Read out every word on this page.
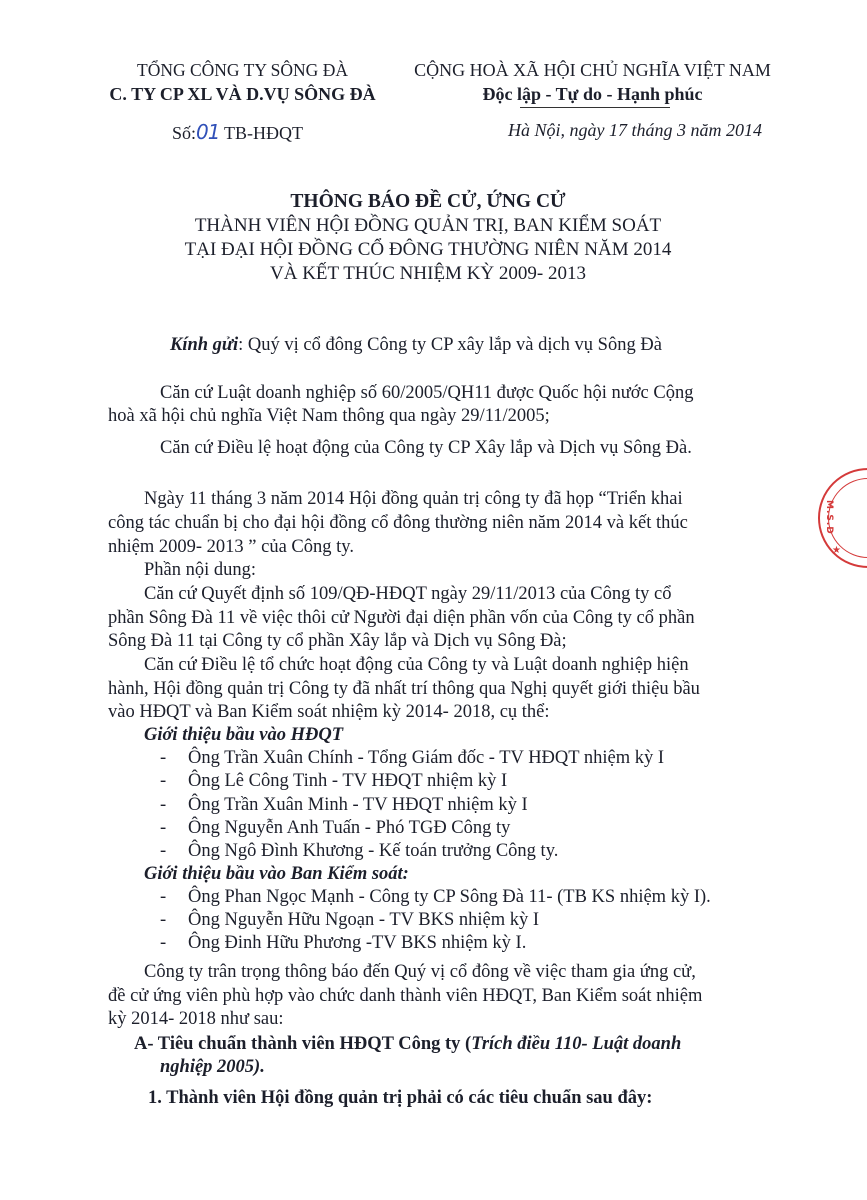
TỔNG CÔNG TY SÔNG ĐÀ
C. TY CP XL VÀ D.VỤ SÔNG ĐÀ
CỘNG HOÀ XÃ HỘI CHỦ NGHĨA VIỆT NAM
Độc lập - Tự do - Hạnh phúc
Số:01 TB-HĐQT	Hà Nội, ngày 17 tháng 3 năm 2014
THÔNG BÁO ĐỀ CỬ, ỨNG CỬ
THÀNH VIÊN HỘI ĐỒNG QUẢN TRỊ, BAN KIỂM SOÁT
TẠI ĐẠI HỘI ĐỒNG CỔ ĐÔNG THƯỜNG NIÊN NĂM 2014
VÀ KẾT THÚC NHIỆM KỲ 2009- 2013
Kính gửi: Quý vị cổ đông Công ty CP xây lắp và dịch vụ Sông Đà
Căn cứ Luật doanh nghiệp số 60/2005/QH11 được Quốc hội nước Cộng
hoà xã hội chủ nghĩa Việt Nam thông qua ngày 29/11/2005;
Căn cứ Điều lệ hoạt động của Công ty CP Xây lắp và Dịch vụ Sông Đà.
Ngày 11 tháng 3 năm 2014 Hội đồng quản trị công ty đã họp “Triển khai
công tác chuẩn bị cho đại hội đồng cổ đông thường niên năm 2014 và kết thúc
nhiệm 2009- 2013 ” của Công ty.
Phần nội dung:
Căn cứ Quyết định số 109/QĐ-HĐQT ngày 29/11/2013 của Công ty cổ
phần Sông Đà 11 về việc thôi cử Người đại diện phần vốn của Công ty cổ phần
Sông Đà 11 tại Công ty cổ phần Xây lắp và Dịch vụ Sông Đà;
Căn cứ Điều lệ tổ chức hoạt động của Công ty và Luật doanh nghiệp hiện
hành, Hội đồng quản trị Công ty đã nhất trí thông qua Nghị quyết giới thiệu bầu
vào HĐQT và Ban Kiểm soát nhiệm kỳ 2014- 2018, cụ thể:
Giới thiệu bầu vào HĐQT
- Ông Trần Xuân Chính - Tổng Giám đốc - TV HĐQT nhiệm kỳ I
- Ông Lê Công Tinh - TV HĐQT nhiệm kỳ I
- Ông Trần Xuân Minh - TV HĐQT nhiệm kỳ I
- Ông Nguyễn Anh Tuấn - Phó TGĐ Công ty
- Ông Ngô Đình Khương - Kế toán trưởng Công ty.
Giới thiệu bầu vào Ban Kiểm soát:
- Ông Phan Ngọc Mạnh - Công ty CP Sông Đà 11- (TB KS nhiệm kỳ I).
- Ông Nguyễn Hữu Ngoạn - TV BKS nhiệm kỳ I
- Ông Đinh Hữu Phương -TV BKS nhiệm kỳ I.
Công ty trân trọng thông báo đến Quý vị cổ đông về việc tham gia ứng cử,
đề cử ứng viên phù hợp vào chức danh thành viên HĐQT, Ban Kiểm soát nhiệm
kỳ 2014- 2018 như sau:
A- Tiêu chuẩn thành viên HĐQT Công ty (Trích điều 110- Luật doanh
nghiệp 2005).
1. Thành viên Hội đồng quản trị phải có các tiêu chuẩn sau đây:
M.S.D
★
